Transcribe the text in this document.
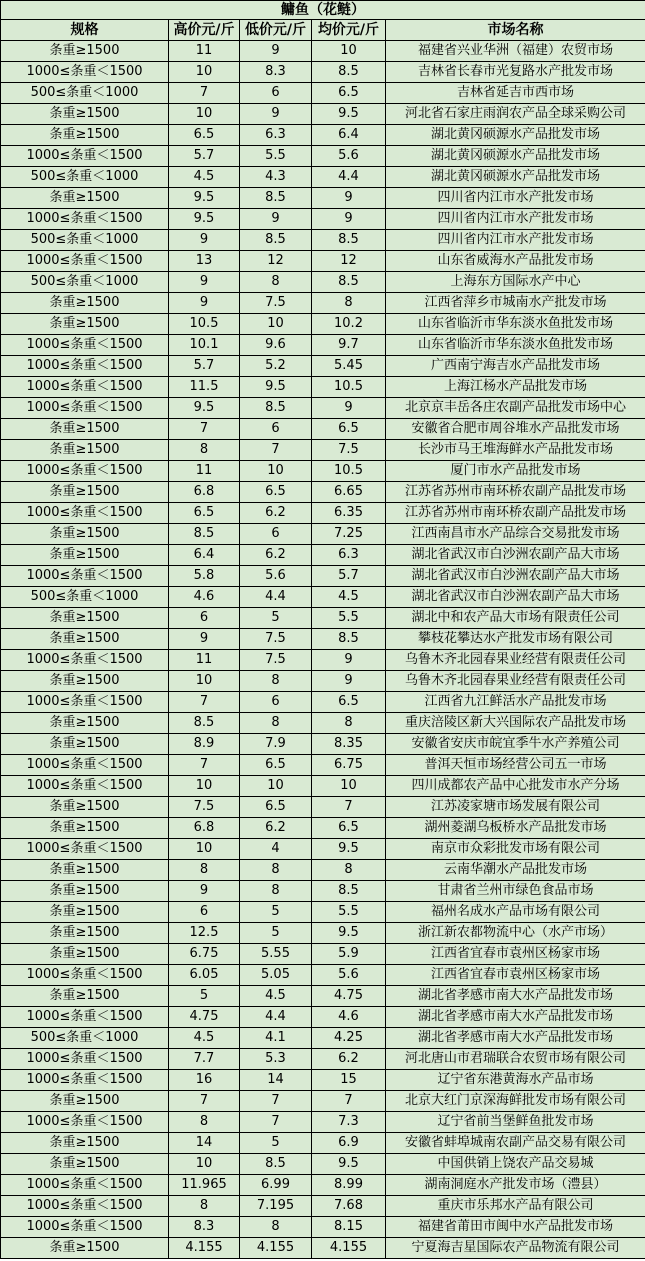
鳙鱼（花鲢）				
规格	高价元/斤	低价元/斤	均价元/斤	市场名称
条重≥1500	11	9	10	福建省兴业华洲（福建）农贸市场
1000≤条重＜1500	10	8.3	8.5	吉林省长春市光复路水产批发市场
500≤条重＜1000	7	6	6.5	吉林省延吉市西市场
条重≥1500	10	9	9.5	河北省石家庄雨润农产品全球采购公司
条重≥1500	6.5	6.3	6.4	湖北黄冈硕源水产品批发市场
1000≤条重＜1500	5.7	5.5	5.6	湖北黄冈硕源水产品批发市场
500≤条重＜1000	4.5	4.3	4.4	湖北黄冈硕源水产品批发市场
条重≥1500	9.5	8.5	9	四川省内江市水产批发市场
1000≤条重＜1500	9.5	9	9	四川省内江市水产批发市场
500≤条重＜1000	9	8.5	8.5	四川省内江市水产批发市场
1000≤条重＜1500	13	12	12	山东省威海水产品批发市场
500≤条重＜1000	9	8	8.5	上海东方国际水产中心
条重≥1500	9	7.5	8	江西省萍乡市城南水产批发市场
条重≥1500	10.5	10	10.2	山东省临沂市华东淡水鱼批发市场
1000≤条重＜1500	10.1	9.6	9.7	山东省临沂市华东淡水鱼批发市场
1000≤条重＜1500	5.7	5.2	5.45	广西南宁海吉水产品批发市场
1000≤条重＜1500	11.5	9.5	10.5	上海江杨水产品批发市场
1000≤条重＜1500	9.5	8.5	9	北京京丰岳各庄农副产品批发市场中心
条重≥1500	7	6	6.5	安徽省合肥市周谷堆水产品批发市场
条重≥1500	8	7	7.5	长沙市马王堆海鲜水产品批发市场
1000≤条重＜1500	11	10	10.5	厦门市水产品批发市场
条重≥1500	6.8	6.5	6.65	江苏省苏州市南环桥农副产品批发市场
1000≤条重＜1500	6.5	6.2	6.35	江苏省苏州市南环桥农副产品批发市场
条重≥1500	8.5	6	7.25	江西南昌市水产品综合交易批发市场
条重≥1500	6.4	6.2	6.3	湖北省武汉市白沙洲农副产品大市场
1000≤条重＜1500	5.8	5.6	5.7	湖北省武汉市白沙洲农副产品大市场
500≤条重＜1000	4.6	4.4	4.5	湖北省武汉市白沙洲农副产品大市场
条重≥1500	6	5	5.5	湖北中和农产品大市场有限责任公司
条重≥1500	9	7.5	8.5	攀枝花攀达水产批发市场有限公司
1000≤条重＜1500	11	7.5	9	乌鲁木齐北园春果业经营有限责任公司
条重≥1500	10	8	9	乌鲁木齐北园春果业经营有限责任公司
1000≤条重＜1500	7	6	6.5	江西省九江鲜活水产品批发市场
条重≥1500	8.5	8	8	重庆涪陵区新大兴国际农产品批发市场
条重≥1500	8.9	7.9	8.35	安徽省安庆市皖宜季牛水产养殖公司
1000≤条重＜1500	7	6.5	6.75	普洱天恒市场经营公司五一市场
1000≤条重＜1500	10	10	10	四川成都农产品中心批发市水产分场
条重≥1500	7.5	6.5	7	江苏凌家塘市场发展有限公司
条重≥1500	6.8	6.2	6.5	湖州菱湖乌板桥水产品批发市场
1000≤条重＜1500	10	4	9.5	南京市众彩批发市场有限公司
条重≥1500	8	8	8	云南华潮水产品批发市场
条重≥1500	9	8	8.5	甘肃省兰州市绿色食品市场
条重≥1500	6	5	5.5	福州名成水产品市场有限公司
条重≥1500	12.5	5	9.5	浙江新农都物流中心（水产市场）
条重≥1500	6.75	5.55	5.9	江西省宜春市袁州区杨家市场
1000≤条重＜1500	6.05	5.05	5.6	江西省宜春市袁州区杨家市场
条重≥1500	5	4.5	4.75	湖北省孝感市南大水产品批发市场
1000≤条重＜1500	4.75	4.4	4.6	湖北省孝感市南大水产品批发市场
500≤条重＜1000	4.5	4.1	4.25	湖北省孝感市南大水产品批发市场
1000≤条重＜1500	7.7	5.3	6.2	河北唐山市君瑞联合农贸市场有限公司
1000≤条重＜1500	16	14	15	辽宁省东港黄海水产品市场
条重≥1500	7	7	7	北京大红门京深海鲜批发市场有限公司
1000≤条重＜1500	8	7	7.3	辽宁省前当堡鲜鱼批发市场
条重≥1500	14	5	6.9	安徽省蚌埠城南农副产品交易有限公司
条重≥1500	10	8.5	9.5	中国供销上饶农产品交易城
1000≤条重＜1500	11.965	6.99	8.99	湖南洞庭水产批发市场（澧县）
1000≤条重＜1500	8	7.195	7.68	重庆市乐邦水产品有限公司
1000≤条重＜1500	8.3	8	8.15	福建省莆田市闽中水产品批发市场
条重≥1500	4.155	4.155	4.155	宁夏海吉星国际农产品物流有限公司
